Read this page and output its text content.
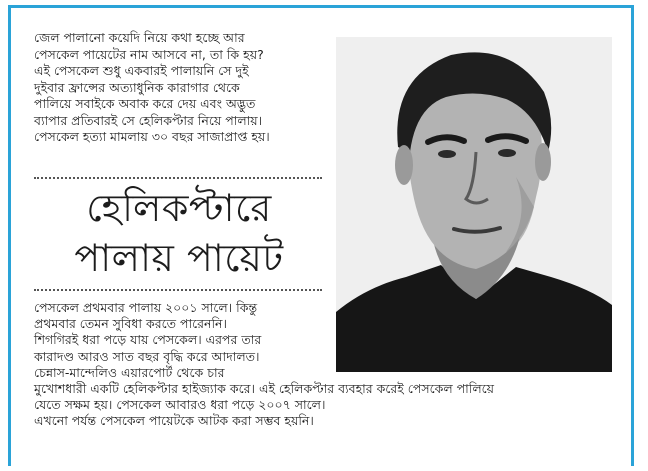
জেল পালানো কয়েদি নিয়ে কথা হচ্ছে আর

পেসকেল পায়েটের নাম আসবে না, তা কি হয়?

এই পেসকেল শুধু একবারই পালায়নি সে দুই

দুইবার ফ্রান্সের অত্যাধুনিক কারাগার থেকে

পালিয়ে সবাইকে অবাক করে দেয় এবং অদ্ভুত

ব্যাপার প্রতিবারই সে হেলিকপ্টার নিয়ে পালায়।

পেসকেল হত্যা মামলায় ৩০ বছর সাজাপ্রাপ্ত হয়।

হেলিকপ্টারে
পালায় পায়েট

পেসকেল প্রথমবার পালায় ২০০১ সালে। কিন্তু

প্রথমবার তেমন সুবিধা করতে পারেননি।

শিগগিরই ধরা পড়ে যায় পেসকেল। এরপর তার

কারাদণ্ড আরও সাত বছর বৃদ্ধি করে আদালত।

চেন্নাস-মান্দেলিও এয়ারপোর্ট থেকে চার

মুখোশধারী একটি হেলিকপ্টার হাইজ্যাক করে। এই হেলিকপ্টার ব্যবহার করেই পেসকেল পালিয়ে

যেতে সক্ষম হয়। পেসকেল আবারও ধরা পড়ে ২০০৭ সালে।

এখনো পর্যন্ত পেসকেল পায়েটকে আটক করা সম্ভব হয়নি।
